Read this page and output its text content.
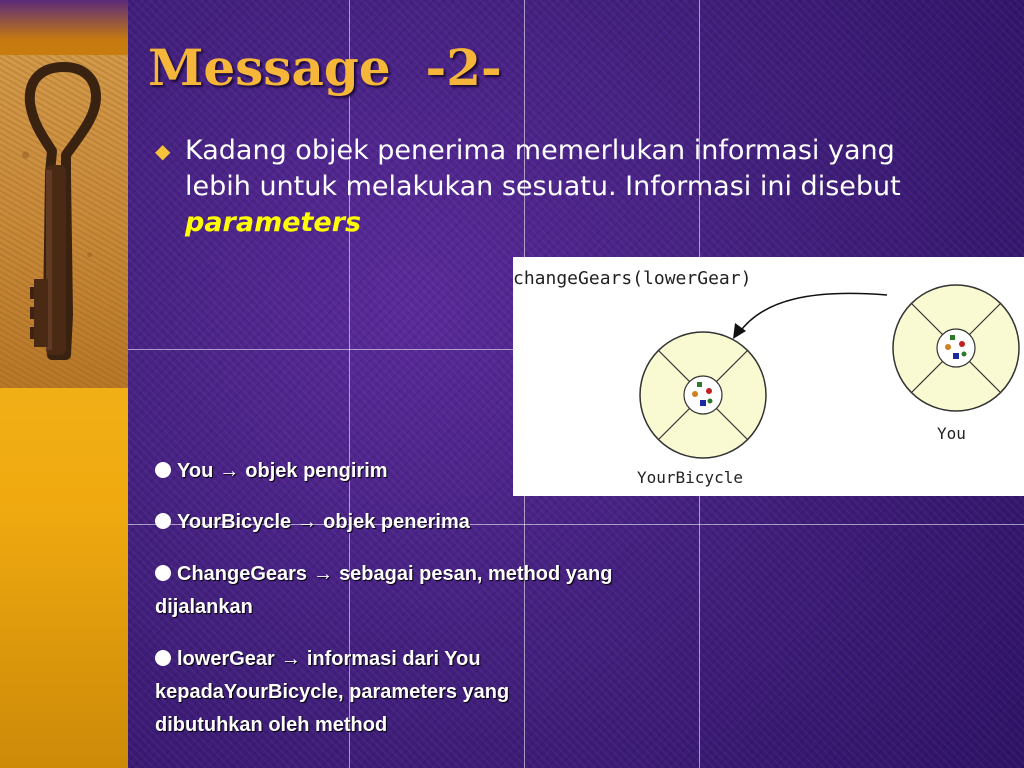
Message  -2-
◆ Kadang objek penerima memerlukan informasi yang lebih untuk melakukan sesuatu. Informasi ini disebut parameters
changeGears(lowerGear)
You
YourBicycle
You → objek pengirim
YourBicycle → objek penerima
ChangeGears → sebagai pesan, method yang dijalankan
lowerGear → informasi dari You kepadaYourBicycle, parameters yang dibutuhkan oleh method
